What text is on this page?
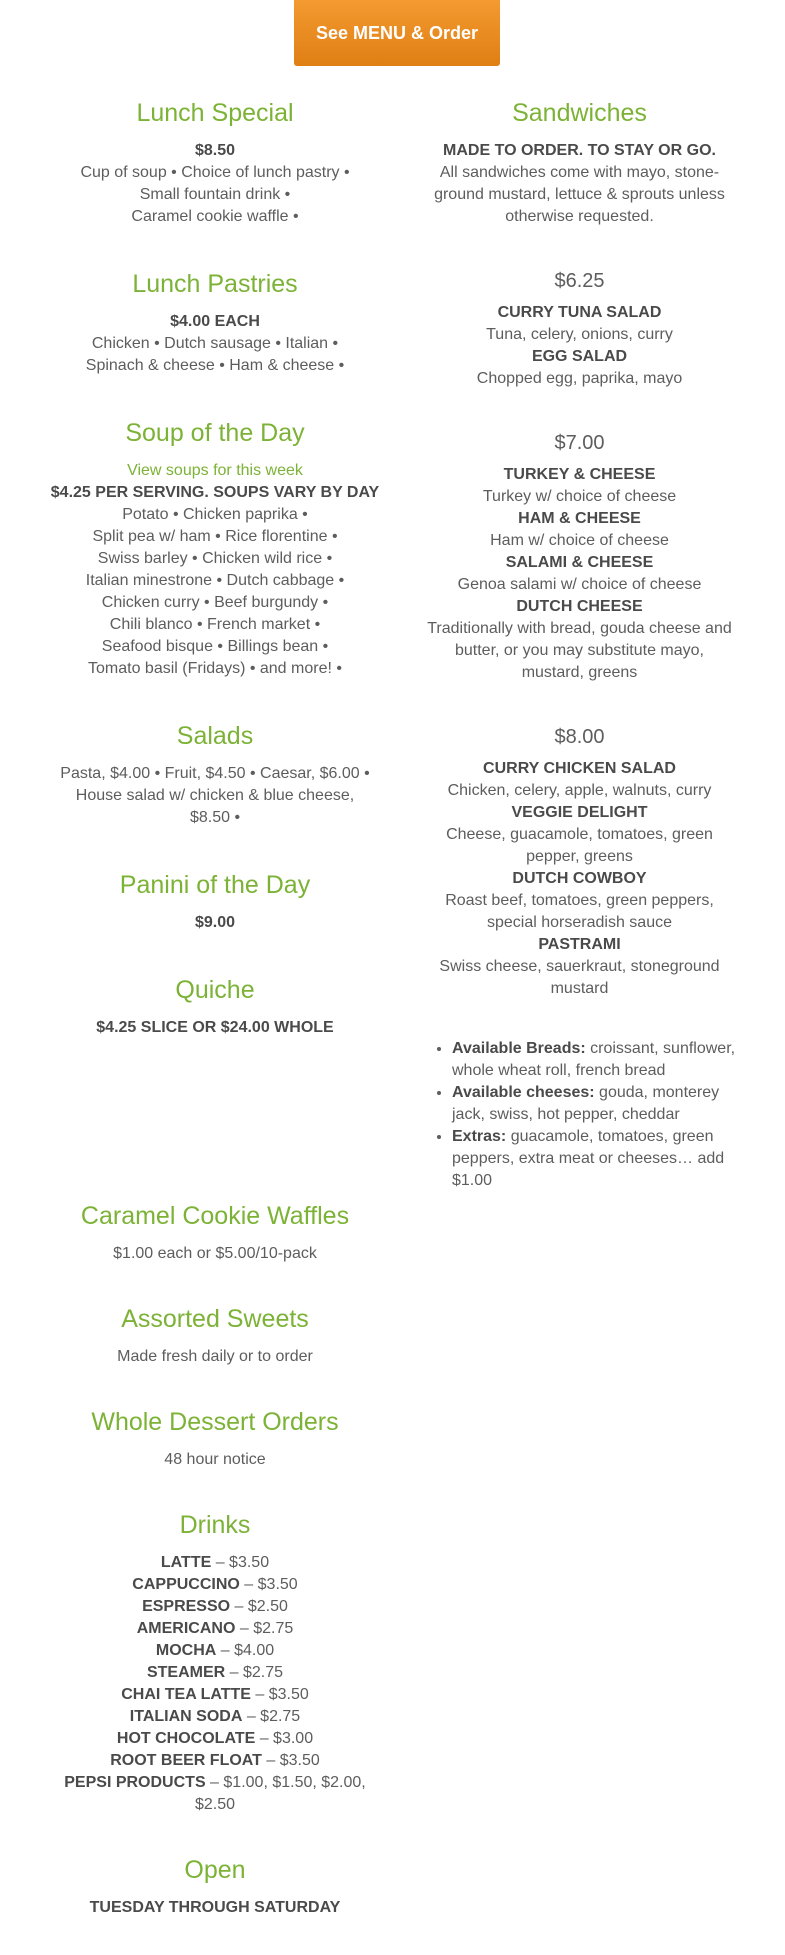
See MENU & Order
Lunch Special

$8.50

Cup of soup • Choice of lunch pastry •

Small fountain drink •

Caramel cookie waffle •

Lunch Pastries

$4.00 EACH

Chicken • Dutch sausage • Italian •

Spinach & cheese • Ham & cheese •

Soup of the Day
View soups for this week

$4.25 PER SERVING. SOUPS VARY BY DAY

Potato • Chicken paprika •

Split pea w/ ham • Rice florentine •

Swiss barley • Chicken wild rice •

Italian minestrone • Dutch cabbage •

Chicken curry • Beef burgundy •

Chili blanco • French market •

Seafood bisque • Billings bean •

Tomato basil (Fridays) • and more! •

Salads

Pasta, $4.00 • Fruit, $4.50 • Caesar, $6.00 •

House salad w/ chicken & blue cheese,

$8.50 •

Panini of the Day

$9.00

Quiche

$4.25 SLICE OR $24.00 WHOLE

Sandwiches

MADE TO ORDER. TO STAY OR GO.

All sandwiches come with mayo, stone-

ground mustard, lettuce & sprouts unless

otherwise requested.

$6.25

CURRY TUNA SALAD

Tuna, celery, onions, curry

EGG SALAD

Chopped egg, paprika, mayo

$7.00

TURKEY & CHEESE

Turkey w/ choice of cheese

HAM & CHEESE

Ham w/ choice of cheese

SALAMI & CHEESE

Genoa salami w/ choice of cheese

DUTCH CHEESE

Traditionally with bread, gouda cheese and

butter, or you may substitute mayo,

mustard, greens

$8.00

CURRY CHICKEN SALAD

Chicken, celery, apple, walnuts, curry

VEGGIE DELIGHT

Cheese, guacamole, tomatoes, green

pepper, greens

DUTCH COWBOY

Roast beef, tomatoes, green peppers,

special horseradish sauce

PASTRAMI

Swiss cheese, sauerkraut, stoneground

mustard

• Available Breads: croissant, sunflower, whole wheat roll, french bread
• Available cheeses: gouda, monterey jack, swiss, hot pepper, cheddar
• Extras: guacamole, tomatoes, green peppers, extra meat or cheeses… add $1.00
Caramel Cookie Waffles

$1.00 each or $5.00/10-pack

Assorted Sweets

Made fresh daily or to order

Whole Dessert Orders

48 hour notice

Drinks

LATTE – $3.50

CAPPUCCINO – $3.50

ESPRESSO – $2.50

AMERICANO – $2.75

MOCHA – $4.00

STEAMER – $2.75

CHAI TEA LATTE – $3.50

ITALIAN SODA – $2.75

HOT CHOCOLATE – $3.00

ROOT BEER FLOAT – $3.50

PEPSI PRODUCTS – $1.00, $1.50, $2.00,

$2.50

Open

TUESDAY THROUGH SATURDAY
